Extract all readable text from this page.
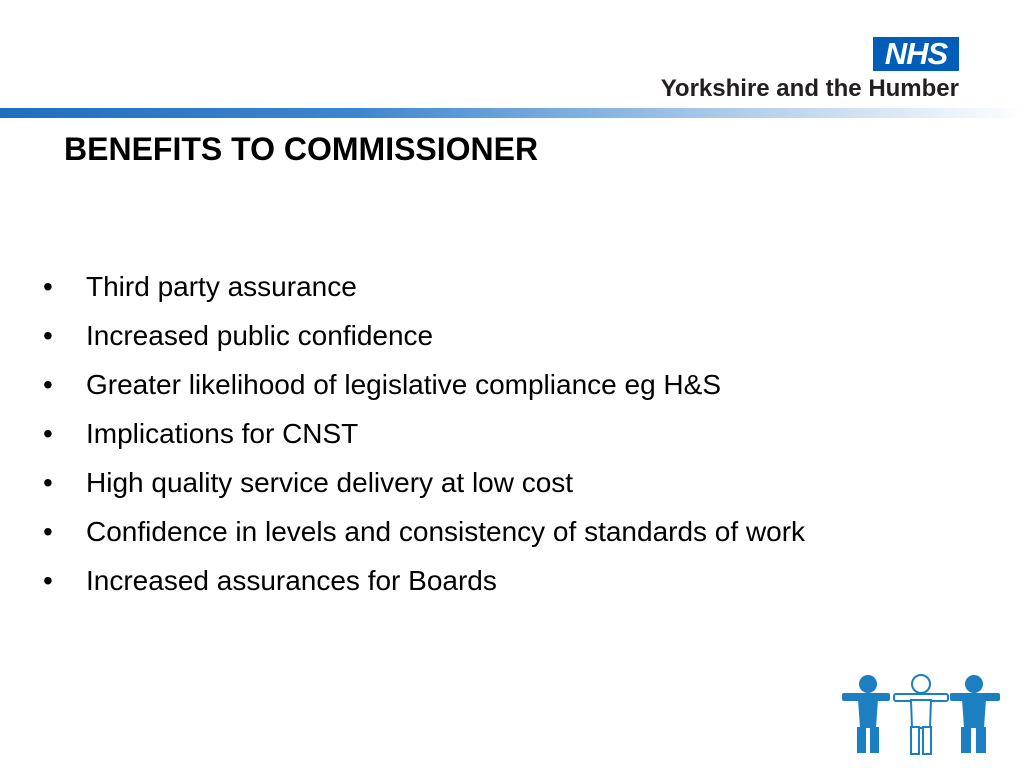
NHS
Yorkshire and the Humber
BENEFITS TO COMMISSIONER
• Third party assurance
• Increased public confidence
• Greater likelihood of legislative compliance eg H&S
• Implications for CNST
• High quality service delivery at low cost
• Confidence in levels and consistency of standards of work
• Increased assurances for Boards
